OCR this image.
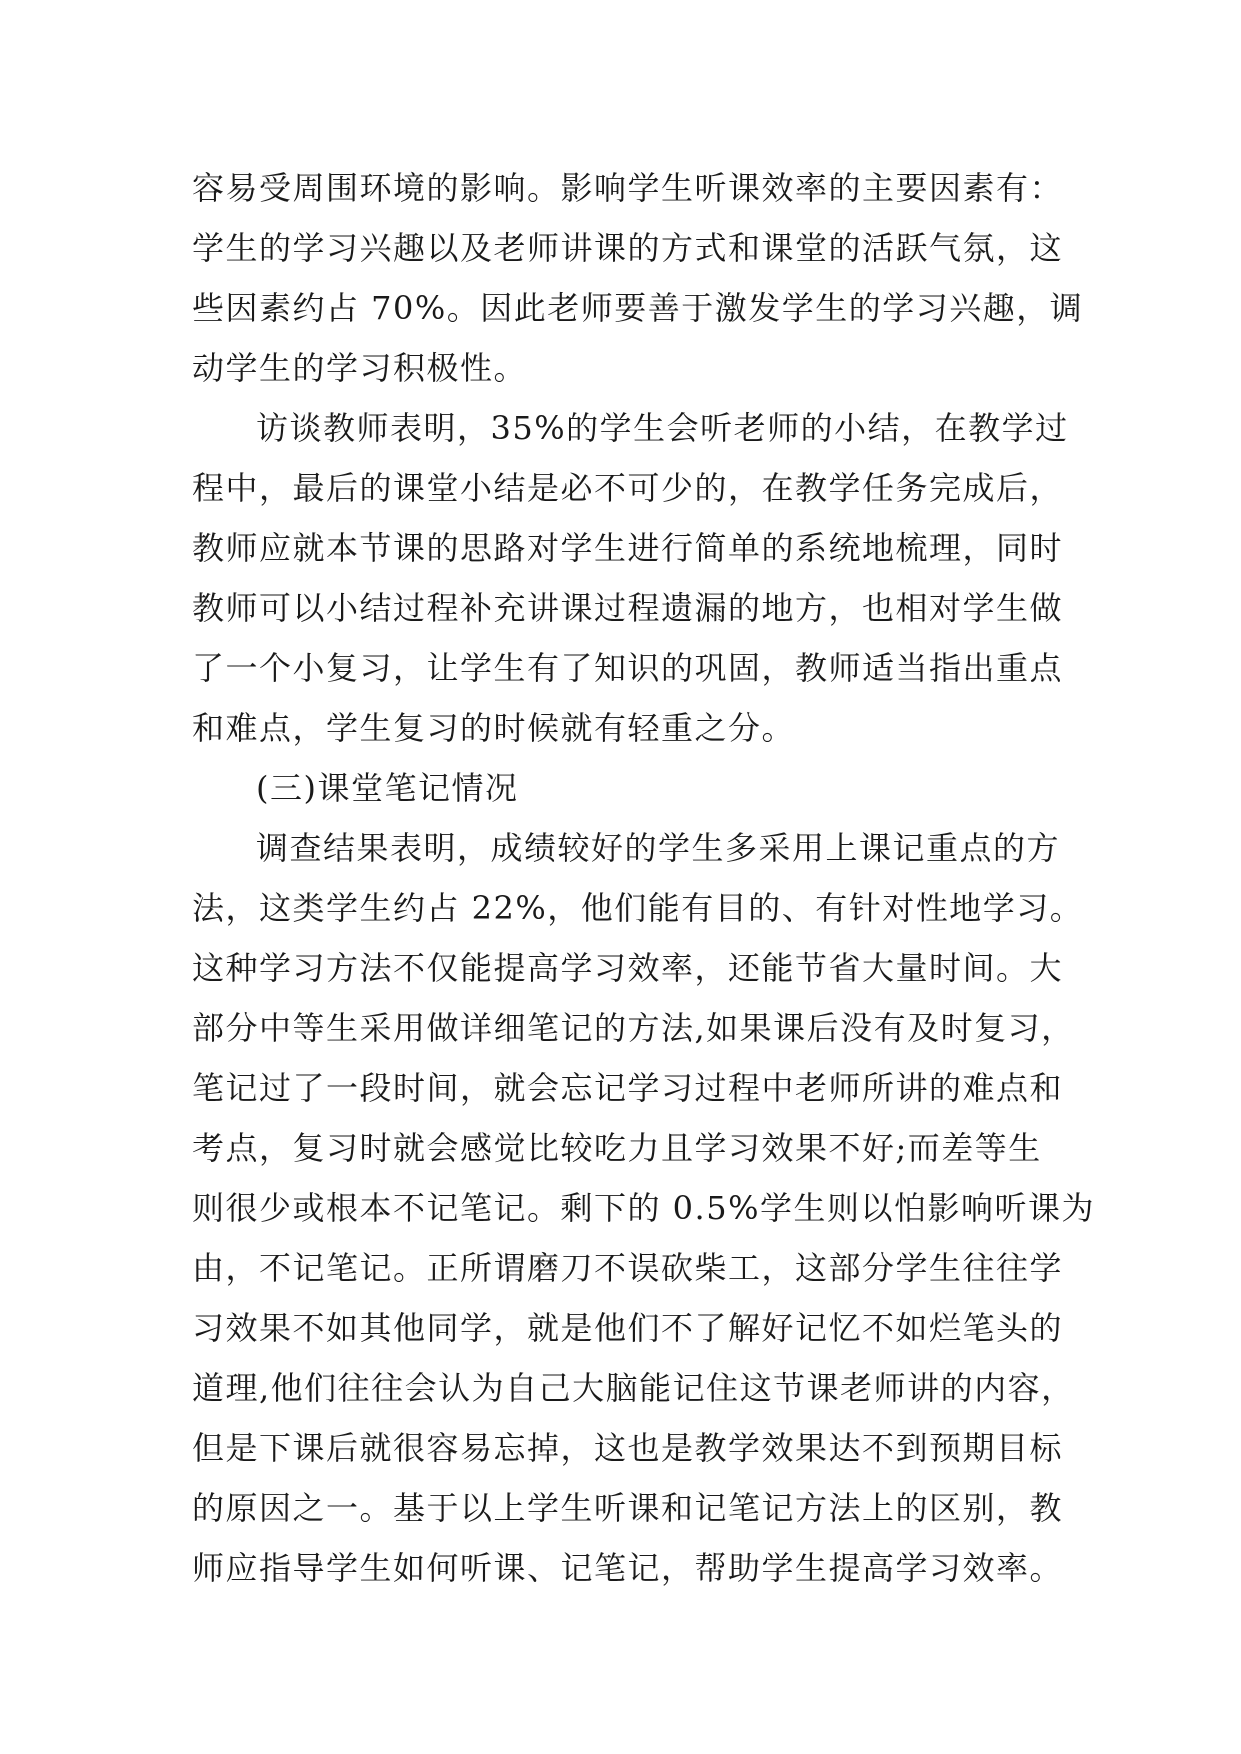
容易受周围环境的影响。影响学生听课效率的主要因素有：
学生的学习兴趣以及老师讲课的方式和课堂的活跃气氛，这
些因素约占 70%。因此老师要善于激发学生的学习兴趣，调
动学生的学习积极性。
访谈教师表明，35%的学生会听老师的小结，在教学过
程中，最后的课堂小结是必不可少的，在教学任务完成后，
教师应就本节课的思路对学生进行简单的系统地梳理，同时
教师可以小结过程补充讲课过程遗漏的地方，也相对学生做
了一个小复习，让学生有了知识的巩固，教师适当指出重点
和难点，学生复习的时候就有轻重之分。
(三)课堂笔记情况
调查结果表明，成绩较好的学生多采用上课记重点的方
法，这类学生约占 22%，他们能有目的、有针对性地学习。
这种学习方法不仅能提高学习效率，还能节省大量时间。大
部分中等生采用做详细笔记的方法,如果课后没有及时复习，
笔记过了一段时间，就会忘记学习过程中老师所讲的难点和
考点，复习时就会感觉比较吃力且学习效果不好;而差等生
则很少或根本不记笔记。剩下的 0.5%学生则以怕影响听课为
由，不记笔记。正所谓磨刀不误砍柴工，这部分学生往往学
习效果不如其他同学，就是他们不了解好记忆不如烂笔头的
道理,他们往往会认为自己大脑能记住这节课老师讲的内容，
但是下课后就很容易忘掉，这也是教学效果达不到预期目标
的原因之一。基于以上学生听课和记笔记方法上的区别，教
师应指导学生如何听课、记笔记，帮助学生提高学习效率。
